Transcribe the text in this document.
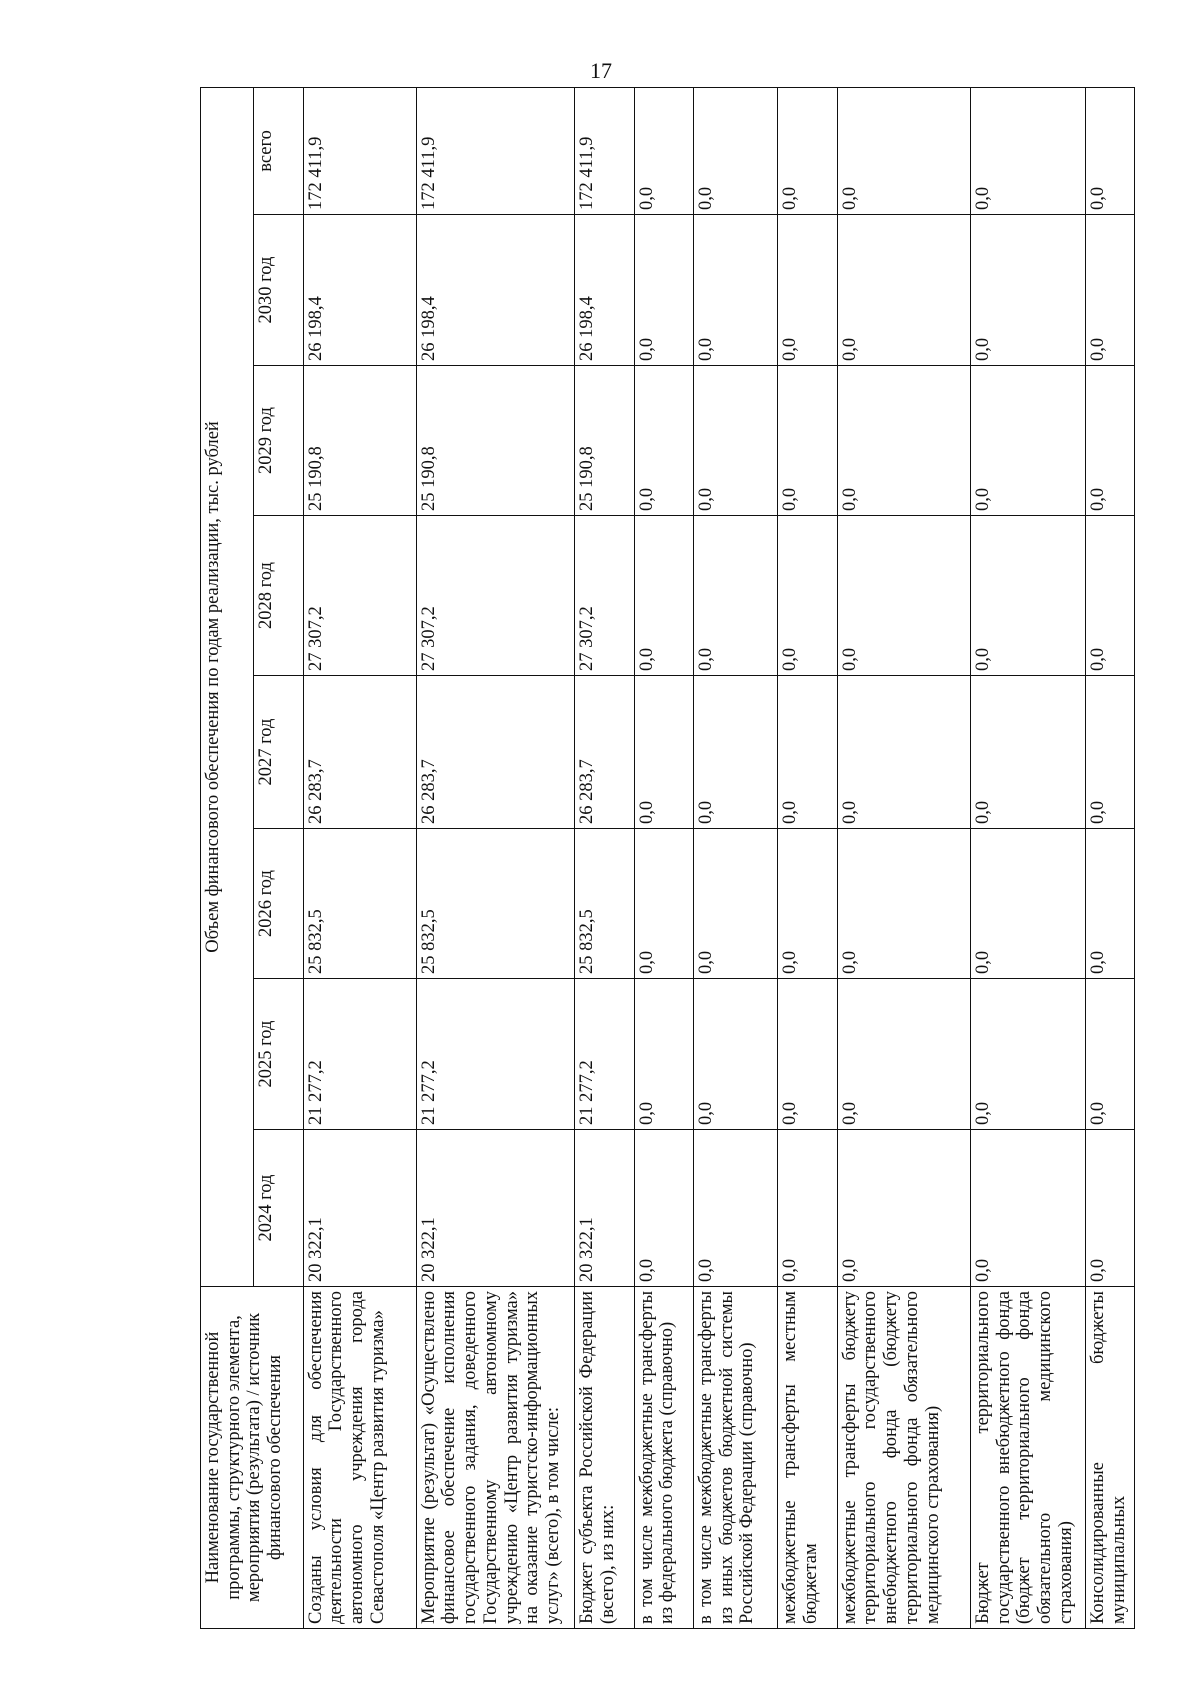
17
Наименование государственной программы, структурного элемента, мероприятия (результата) / источник финансового обеспечения	Объем финансового обеспечения по годам реализации, тыс. рублей							
	2024 год	2025 год	2026 год	2027 год	2028 год	2029 год	2030 год	всего
Созданы условия для обеспечения деятельности Государственного автономного учреждения города Севастополя «Центр развития туризма»	20 322,1	21 277,2	25 832,5	26 283,7	27 307,2	25 190,8	26 198,4	172 411,9
Мероприятие (результат) «Осуществлено финансовое обеспечение исполнения государственного задания, доведенного Государственному автономному учреждению «Центр развития туризма» на оказание туристско-информационных услуг» (всего), в том числе:	20 322,1	21 277,2	25 832,5	26 283,7	27 307,2	25 190,8	26 198,4	172 411,9
Бюджет субъекта Российской Федерации (всего), из них:	20 322,1	21 277,2	25 832,5	26 283,7	27 307,2	25 190,8	26 198,4	172 411,9
в том числе межбюджетные трансферты из федерального бюджета (справочно)	0,0	0,0	0,0	0,0	0,0	0,0	0,0	0,0
в том числе межбюджетные трансферты из иных бюджетов бюджетной системы Российской Федерации (справочно)	0,0	0,0	0,0	0,0	0,0	0,0	0,0	0,0
межбюджетные трансферты местным бюджетам	0,0	0,0	0,0	0,0	0,0	0,0	0,0	0,0
межбюджетные трансферты бюджету территориального государственного внебюджетного фонда (бюджету территориального фонда обязательного медицинского страхования)	0,0	0,0	0,0	0,0	0,0	0,0	0,0	0,0
Бюджет территориального государственного внебюджетного фонда (бюджет территориального фонда обязательного медицинского страхования)	0,0	0,0	0,0	0,0	0,0	0,0	0,0	0,0
Консолидированные бюджеты муниципальных	0,0	0,0	0,0	0,0	0,0	0,0	0,0	0,0
